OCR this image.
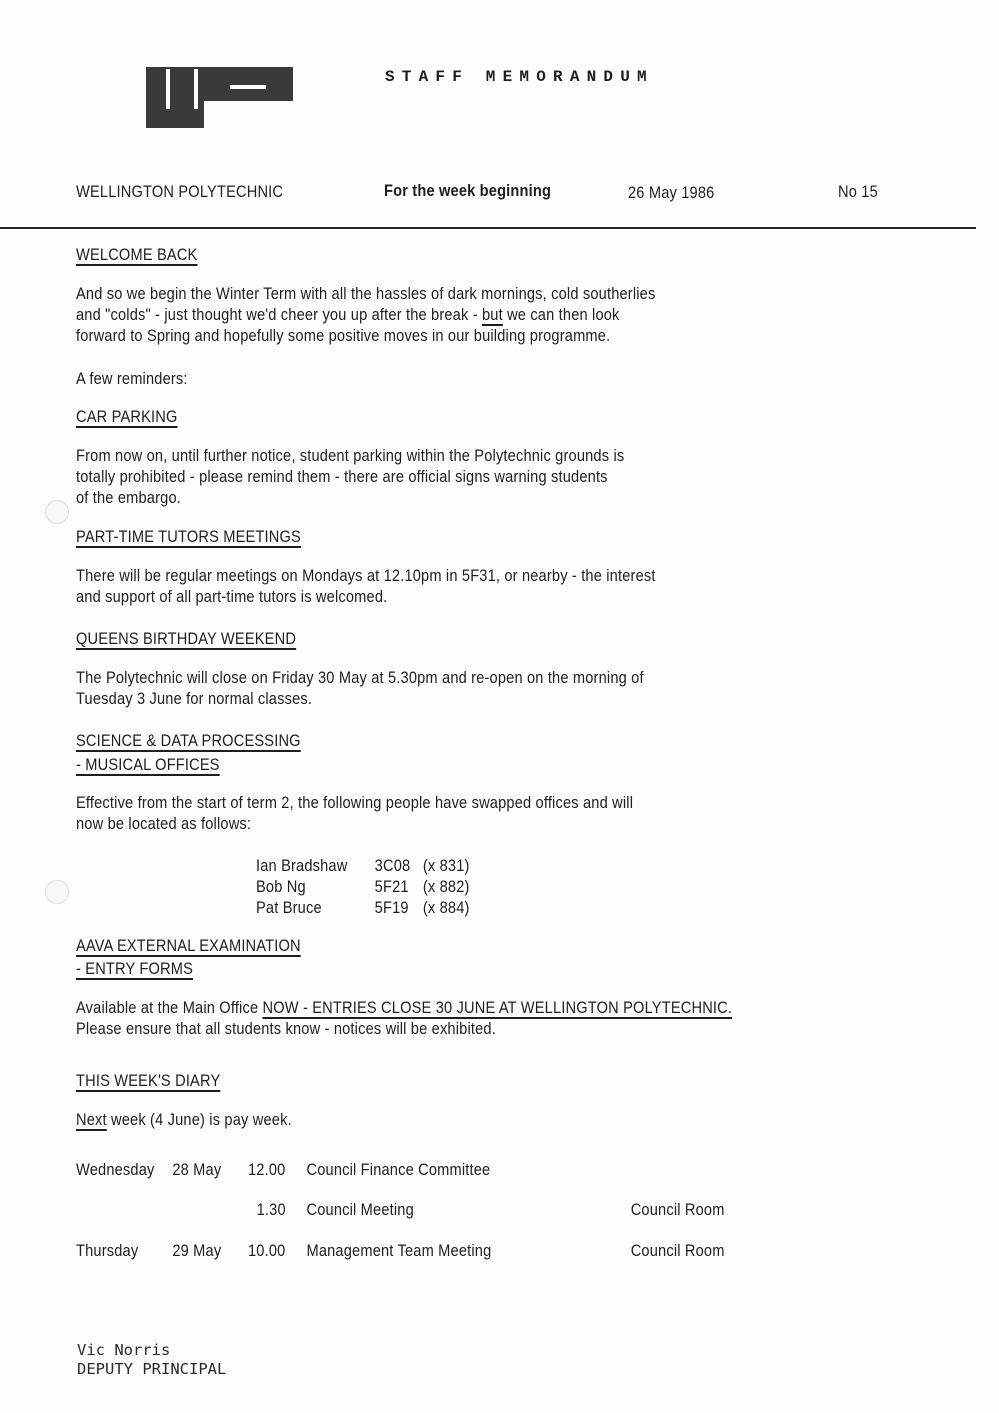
STAFF MEMORANDUM
WELLINGTON POLYTECHNIC	For the week beginning	26 May 1986	No 15
WELCOME BACK
And so we begin the Winter Term with all the hassles of dark mornings, cold southerlies
and "colds" - just thought we'd cheer you up after the break - but we can then look
forward to Spring and hopefully some positive moves in our building programme.
A few reminders:
CAR PARKING
From now on, until further notice, student parking within the Polytechnic grounds is
totally prohibited - please remind them - there are official signs warning students
of the embargo.
PART-TIME TUTORS MEETINGS
There will be regular meetings on Mondays at 12.10pm in 5F31, or nearby - the interest
and support of all part-time tutors is welcomed.
QUEENS BIRTHDAY WEEKEND
The Polytechnic will close on Friday 30 May at 5.30pm and re-open on the morning of
Tuesday 3 June for normal classes.
SCIENCE & DATA PROCESSING
- MUSICAL OFFICES
Effective from the start of term 2, the following people have swapped offices and will
now be located as follows:
Ian Bradshaw 3C08 (x 831)
Bob Ng	5F21 (x 882)
Pat Bruce	5F19 (x 884)
AAVA EXTERNAL EXAMINATION
- ENTRY FORMS
Available at the Main Office NOW - ENTRIES CLOSE 30 JUNE AT WELLINGTON POLYTECHNIC.
Please ensure that all students know - notices will be exhibited.
THIS WEEK'S DIARY
Next week (4 June) is pay week.
Wednesday 28 May 12.00 Council Finance Committee
1.30 Council Meeting	Council Room
Thursday 29 May 10.00 Management Team Meeting	Council Room
Vic Norris
DEPUTY PRINCIPAL
